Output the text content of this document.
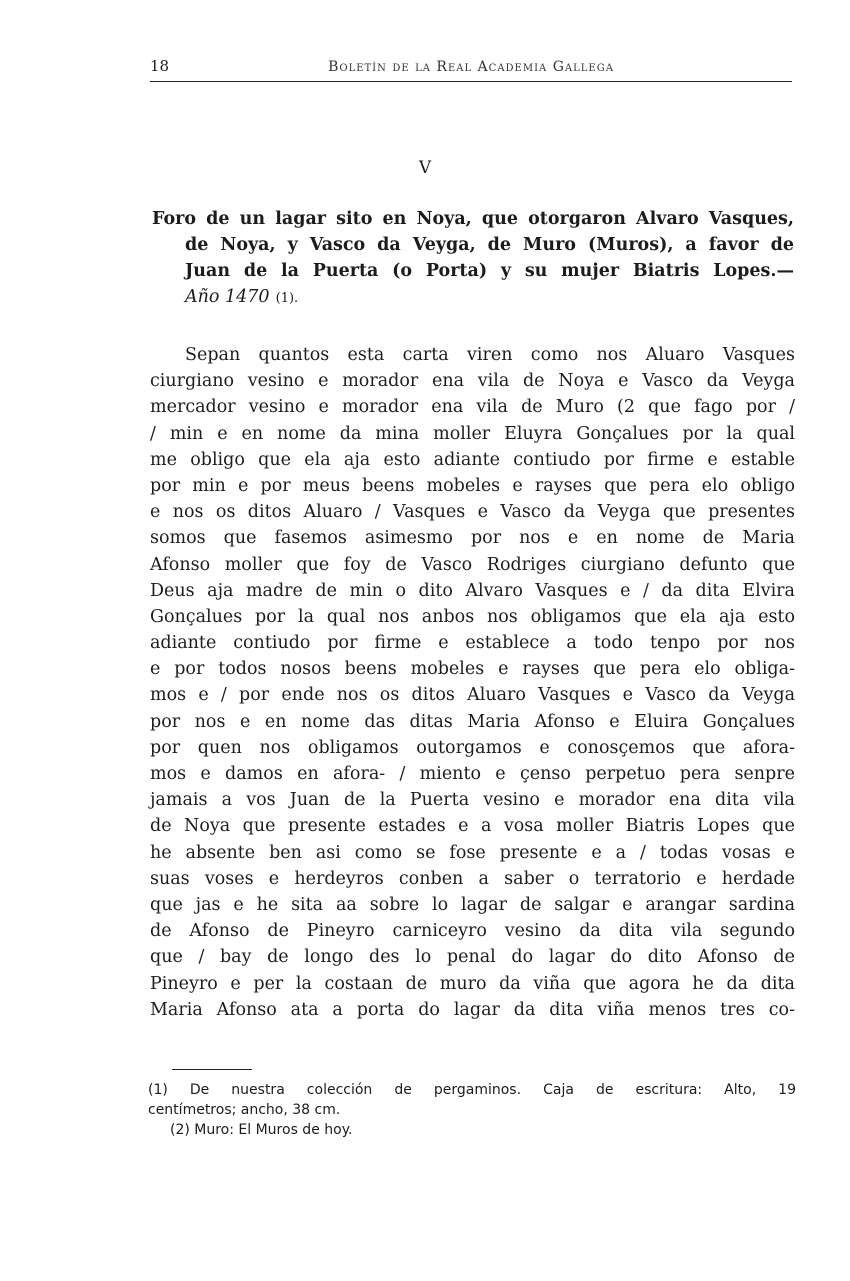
18	Boletín de la Real Academia Gallega
V
Foro de un lagar sito en Noya, que otorgaron Alvaro Vasques,
de Noya, y Vasco da Veyga, de Muro (Muros), a favor de
Juan de la Puerta (o Porta) y su mujer Biatris Lopes.—
Año 1470 (1).
Sepan quantos esta carta viren como nos Aluaro Vasques
ciurgiano vesino e morador ena vila de Noya e Vasco da Veyga
mercador vesino e morador ena vila de Muro (2 que fago por /
/ min e en nome da mina moller Eluyra Gonçalues por la qual
me obligo que ela aja esto adiante contiudo por firme e estable
por min e por meus beens mobeles e rayses que pera elo obligo
e nos os ditos Aluaro / Vasques e Vasco da Veyga que presentes
somos que fasemos asimesmo por nos e en nome de Maria
Afonso moller que foy de Vasco Rodriges ciurgiano defunto que
Deus aja madre de min o dito Alvaro Vasques e / da dita Elvira
Gonçalues por la qual nos anbos nos obligamos que ela aja esto
adiante contiudo por firme e establece a todo tenpo por nos
e por todos nosos beens mobeles e rayses que pera elo obliga-
mos e / por ende nos os ditos Aluaro Vasques e Vasco da Veyga
por nos e en nome das ditas Maria Afonso e Eluira Gonçalues
por quen nos obligamos outorgamos e conosçemos que afora-
mos e damos en afora- / miento e çenso perpetuo pera senpre
jamais a vos Juan de la Puerta vesino e morador ena dita vila
de Noya que presente estades e a vosa moller Biatris Lopes que
he absente ben asi como se fose presente e a / todas vosas e
suas voses e herdeyros conben a saber o terratorio e herdade
que jas e he sita aa sobre lo lagar de salgar e arangar sardina
de Afonso de Pineyro carniceyro vesino da dita vila segundo
que / bay de longo des lo penal do lagar do dito Afonso de
Pineyro e per la costaan de muro da viña que agora he da dita
Maria Afonso ata a porta do lagar da dita viña menos tres co-
(1) De nuestra colección de pergaminos. Caja de escritura: Alto, 19
centímetros; ancho, 38 cm.
(2) Muro: El Muros de hoy.
